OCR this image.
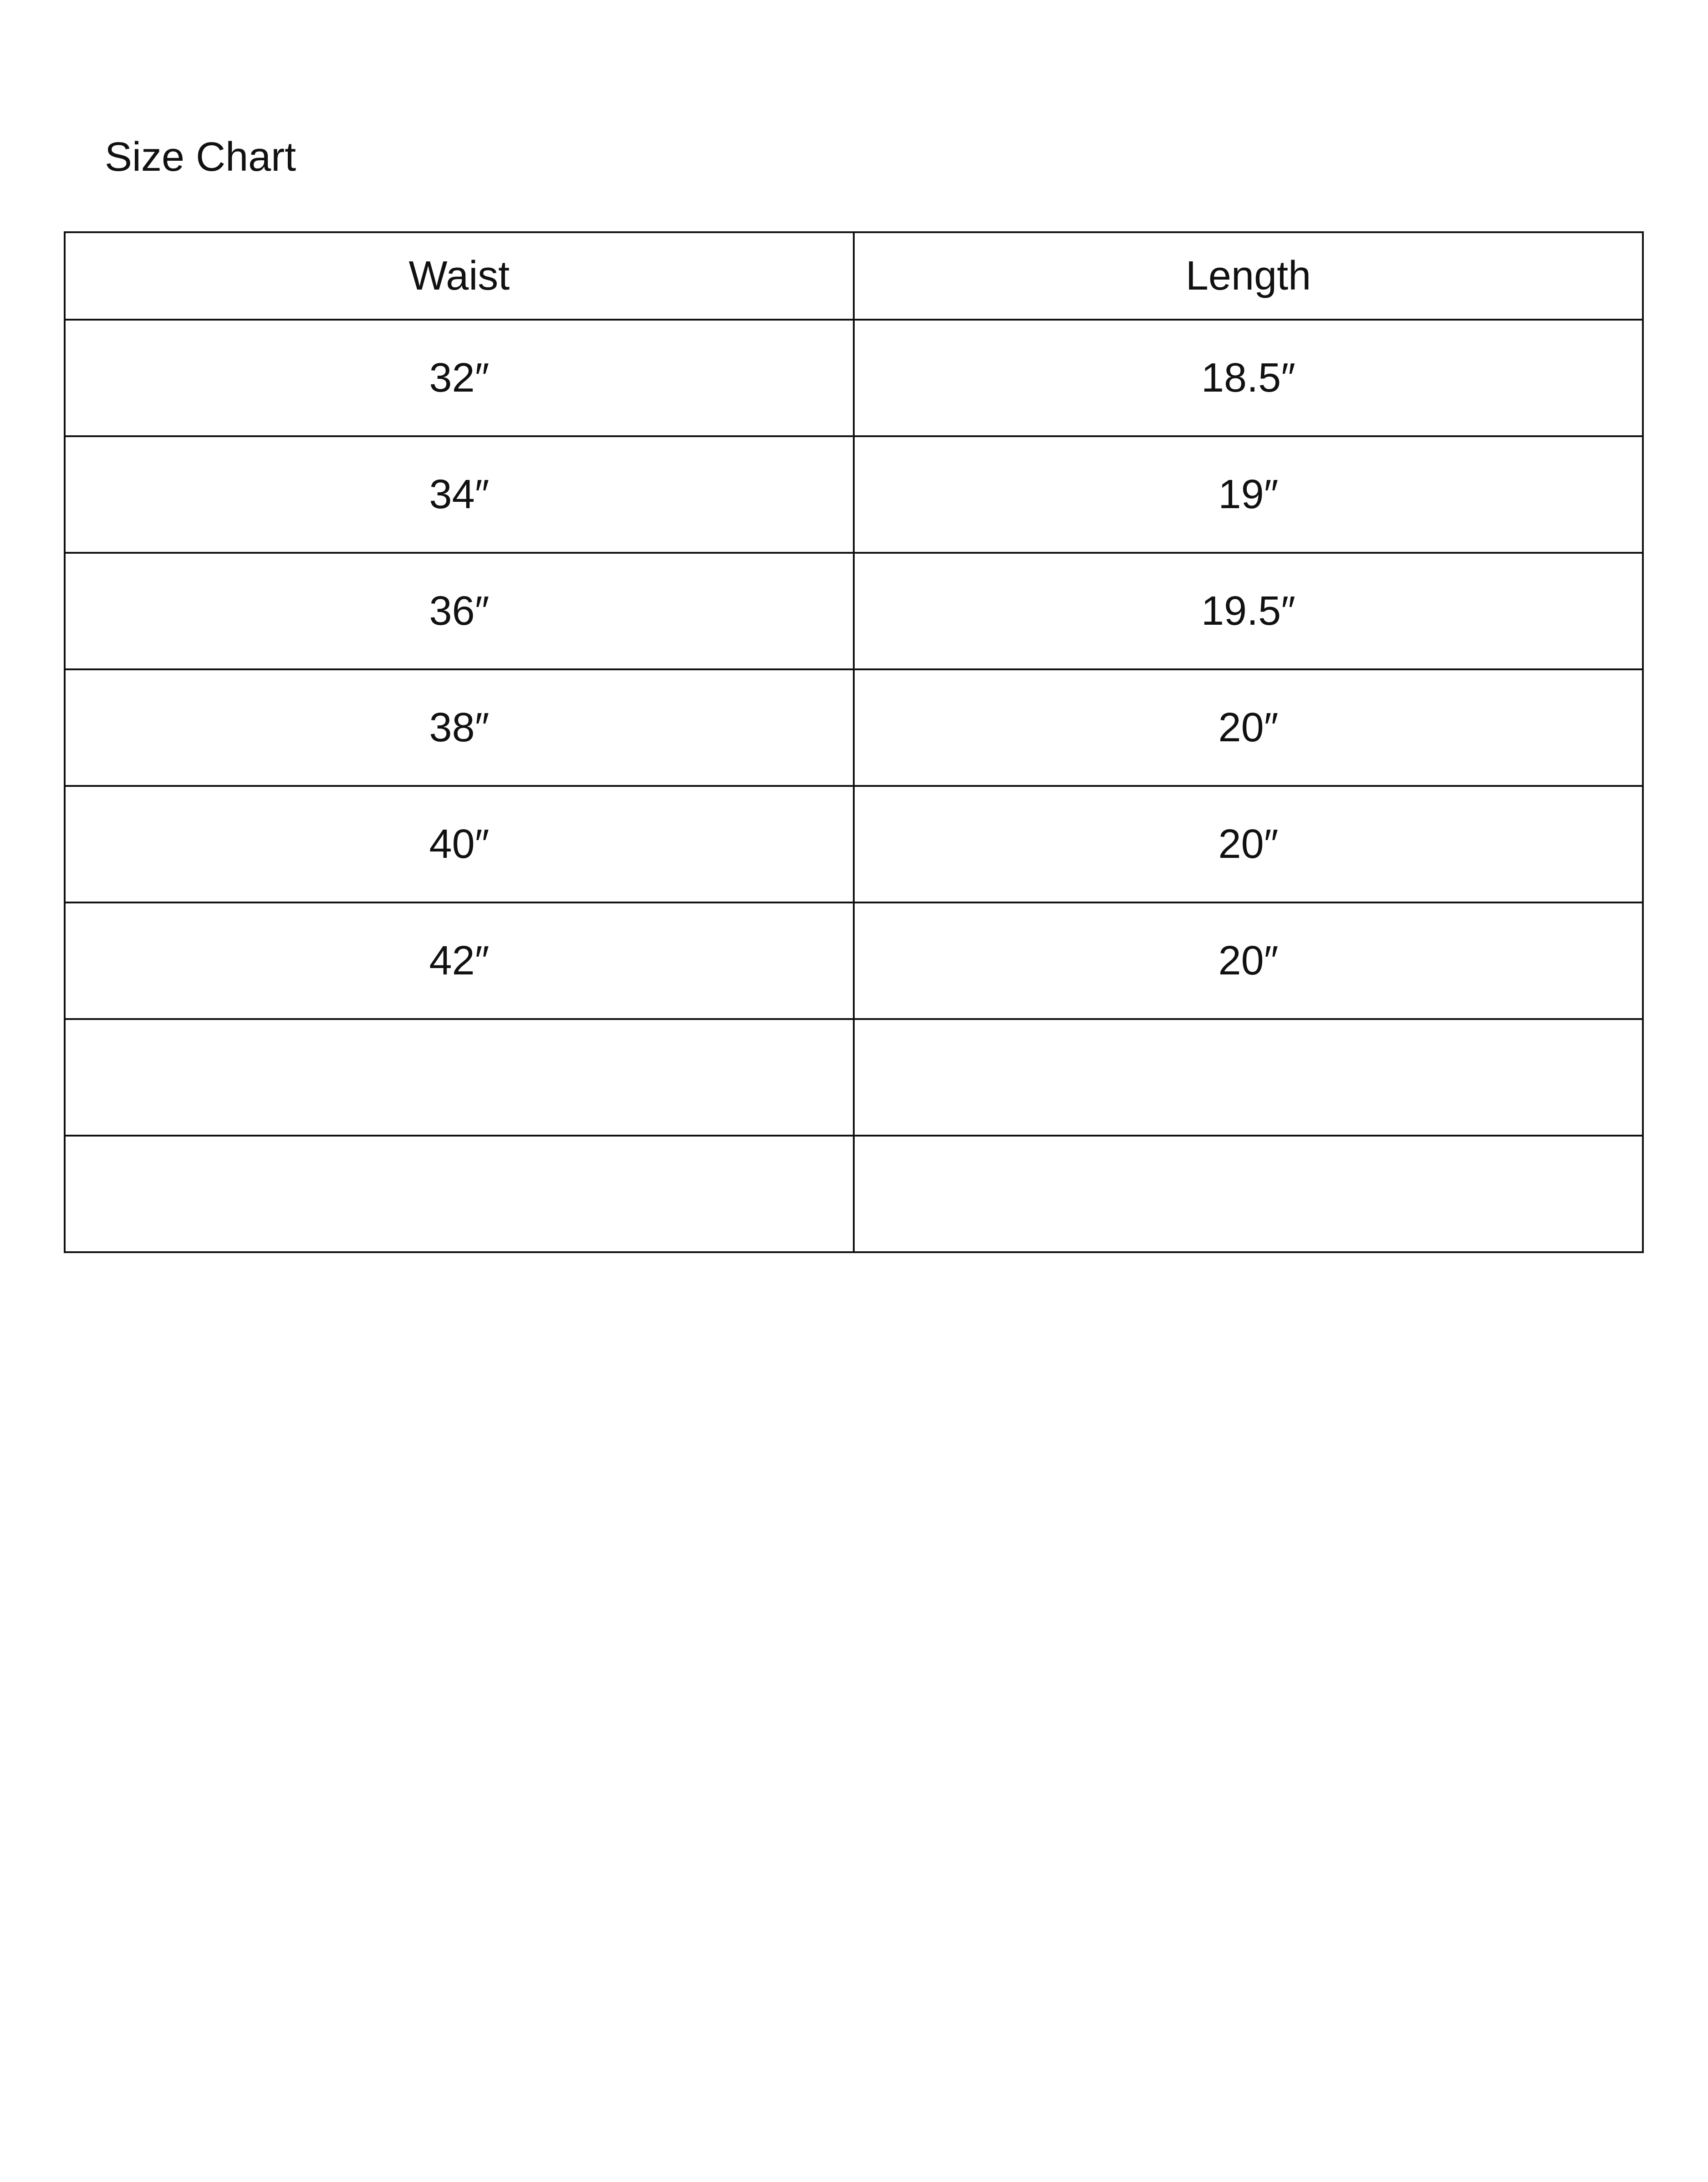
Size Chart
Waist	Length
32″	18.5″
34″	19″
36″	19.5″
38″	20″
40″	20″
42″	20″
